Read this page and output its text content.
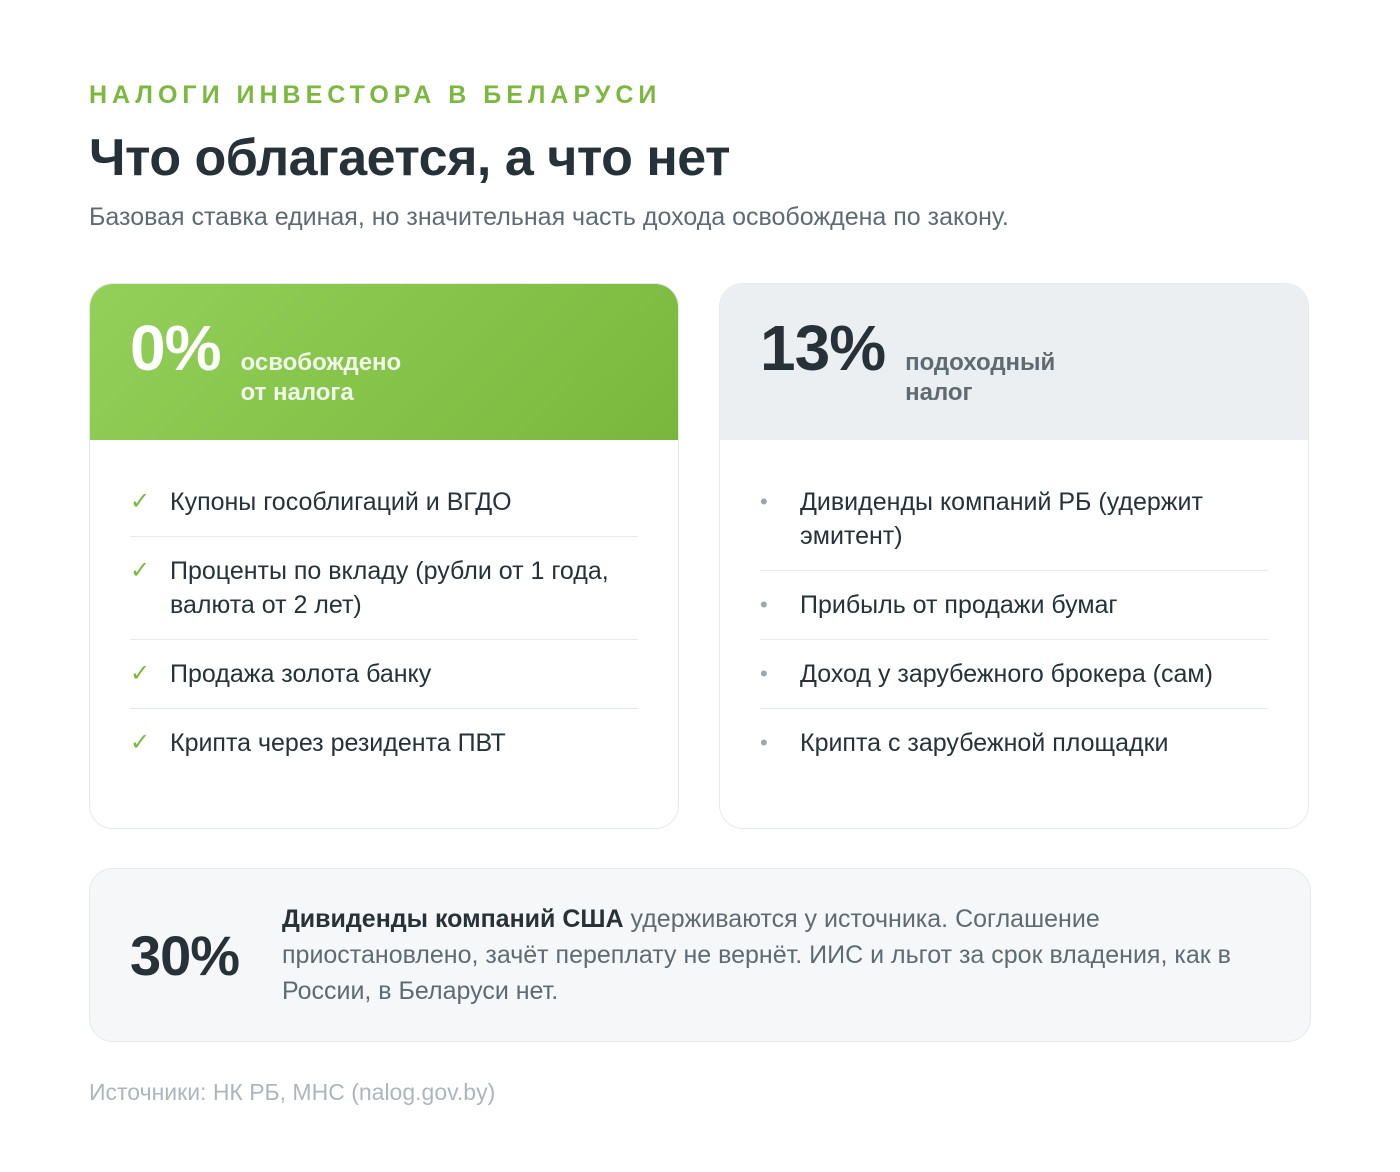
НАЛОГИ ИНВЕСТОРА В БЕЛАРУСИ
Что облагается, а что нет
Базовая ставка единая, но значительная часть дохода освобождена по закону.
0% освобождено
от налога
✓ Купоны гособлигаций и ВГДО
✓ Проценты по вкладу (рубли от 1 года, валюта от 2 лет)
✓ Продажа золота банку
✓ Крипта через резидента ПВТ
13% подоходный
налог
•	Дивиденды компаний РБ (удержит эмитент)
•	Прибыль от продажи бумаг
•	Доход у зарубежного брокера (сам)
•	Крипта с зарубежной площадки
30%
Дивиденды компаний США удерживаются у источника. Соглашение приостановлено, зачёт переплату не вернёт. ИИС и льгот за срок владения, как в России, в Беларуси нет.
Источники: НК РБ, МНС (nalog.gov.by)
